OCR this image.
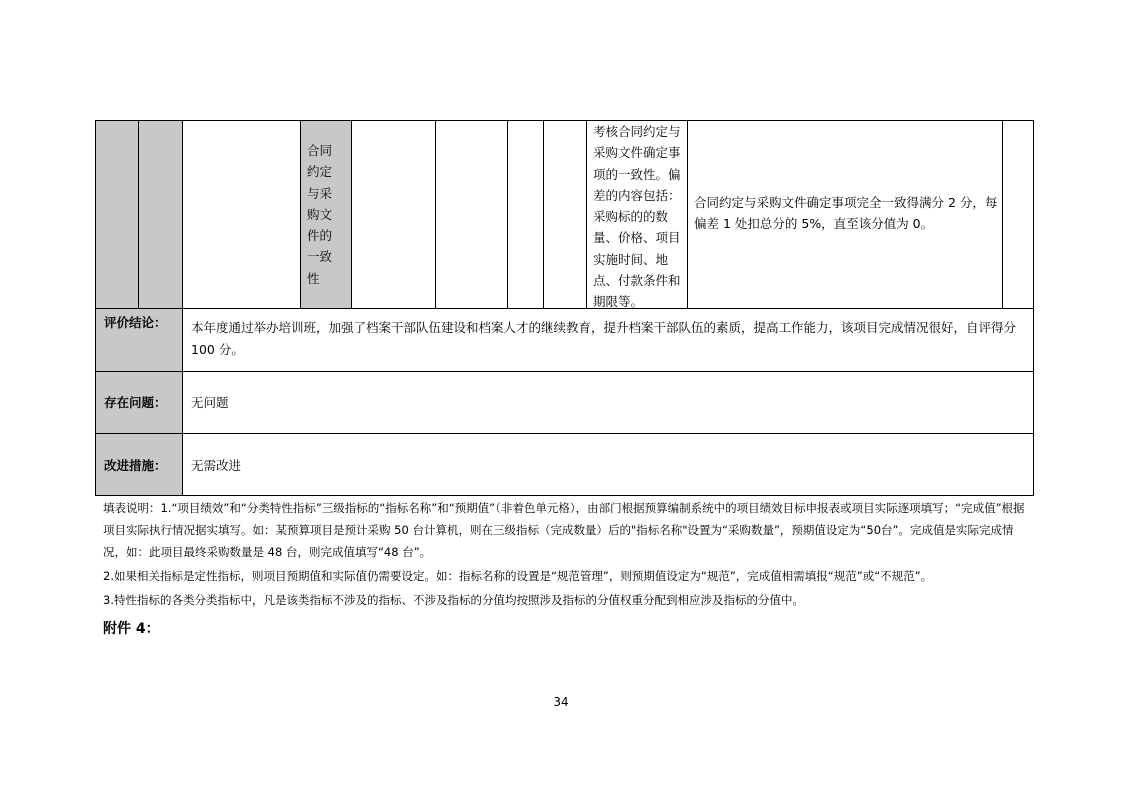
合同约定与采购文件的一致性
考核合同约定与采购文件确定事项的一致性。偏差的内容包括：采购标的的数量、价格、项目实施时间、地点、付款条件和期限等。
合同约定与采购文件确定事项完全一致得满分 2 分，每偏差 1 处扣总分的 5%，直至该分值为 0。
评价结论： 本年度通过举办培训班，加强了档案干部队伍建设和档案人才的继续教育，提升档案干部队伍的素质，提高工作能力，该项目完成情况很好，自评得分 100 分。
存在问题： 无问题
改进措施： 无需改进

填表说明：1.“项目绩效”和“分类特性指标”三级指标的“指标名称”和“预期值”（非着色单元格），由部门根据预算编制系统中的项目绩效目标申报表或项目实际逐项填写；“完成值”根据项目实际执行情况据实填写。如：某预算项目是预计采购 50 台计算机，则在三级指标（完成数量）后的"指标名称"设置为“采购数量”，预期值设定为“50台”。完成值是实际完成情况，如：此项目最终采购数量是 48 台，则完成值填写“48 台”。

2.如果相关指标是定性指标，则项目预期值和实际值仍需要设定。如：指标名称的设置是“规范管理”，则预期值设定为“规范”，完成值相需填报“规范”或“不规范”。

3.特性指标的各类分类指标中，凡是该类指标不涉及的指标、不涉及指标的分值均按照涉及指标的分值权重分配到相应涉及指标的分值中。

附件 4：
34
